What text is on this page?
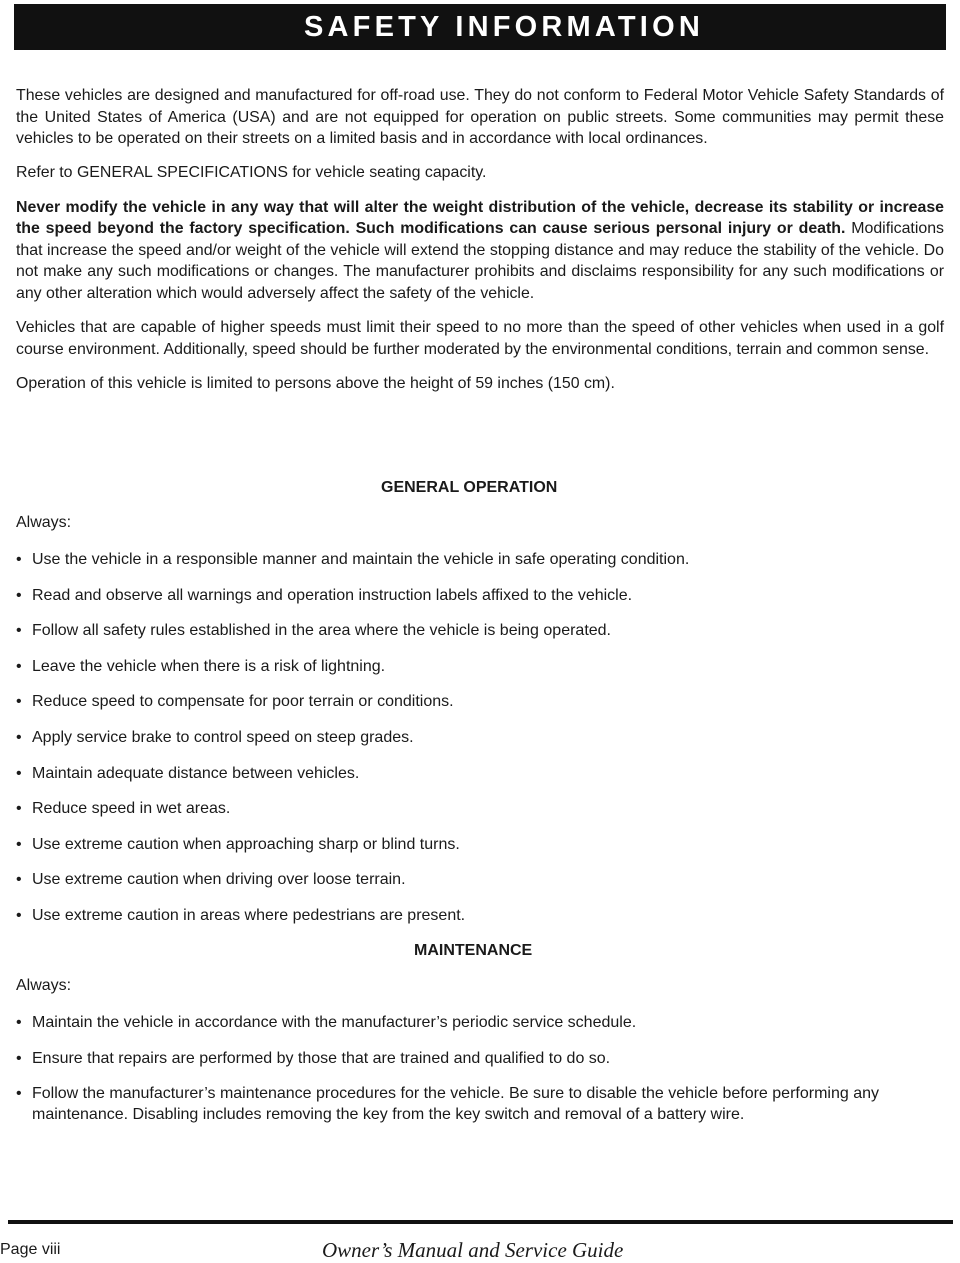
SAFETY INFORMATION

These vehicles are designed and manufactured for off-road use. They do not conform to Federal Motor Vehicle Safety Standards of the United States of America (USA) and are not equipped for operation on public streets. Some communities may permit these vehicles to be operated on their streets on a limited basis and in accordance with local ordinances.

Refer to GENERAL SPECIFICATIONS for vehicle seating capacity.

Never modify the vehicle in any way that will alter the weight distribution of the vehicle, decrease its stability or increase the speed beyond the factory specification. Such modifications can cause serious personal injury or death. Modifications that increase the speed and/or weight of the vehicle will extend the stopping distance and may reduce the stability of the vehicle. Do not make any such modifications or changes. The manufacturer prohibits and disclaims responsibility for any such modifications or any other alteration which would adversely affect the safety of the vehicle.

Vehicles that are capable of higher speeds must limit their speed to no more than the speed of other vehicles when used in a golf course environment. Additionally, speed should be further moderated by the environmental conditions, terrain and common sense.

Operation of this vehicle is limited to persons above the height of 59 inches (150 cm).

GENERAL OPERATION
Always:
• Use the vehicle in a responsible manner and maintain the vehicle in safe operating condition.
• Read and observe all warnings and operation instruction labels affixed to the vehicle.
• Follow all safety rules established in the area where the vehicle is being operated.
• Leave the vehicle when there is a risk of lightning.
• Reduce speed to compensate for poor terrain or conditions.
• Apply service brake to control speed on steep grades.
• Maintain adequate distance between vehicles.
• Reduce speed in wet areas.
• Use extreme caution when approaching sharp or blind turns.
• Use extreme caution when driving over loose terrain.
• Use extreme caution in areas where pedestrians are present.
MAINTENANCE
Always:
• Maintain the vehicle in accordance with the manufacturer’s periodic service schedule.
• Ensure that repairs are performed by those that are trained and qualified to do so.
• Follow the manufacturer’s maintenance procedures for the vehicle. Be sure to disable the vehicle before performing any maintenance. Disabling includes removing the key from the key switch and removal of a battery wire.
Page viii	Owner’s Manual and Service Guide
